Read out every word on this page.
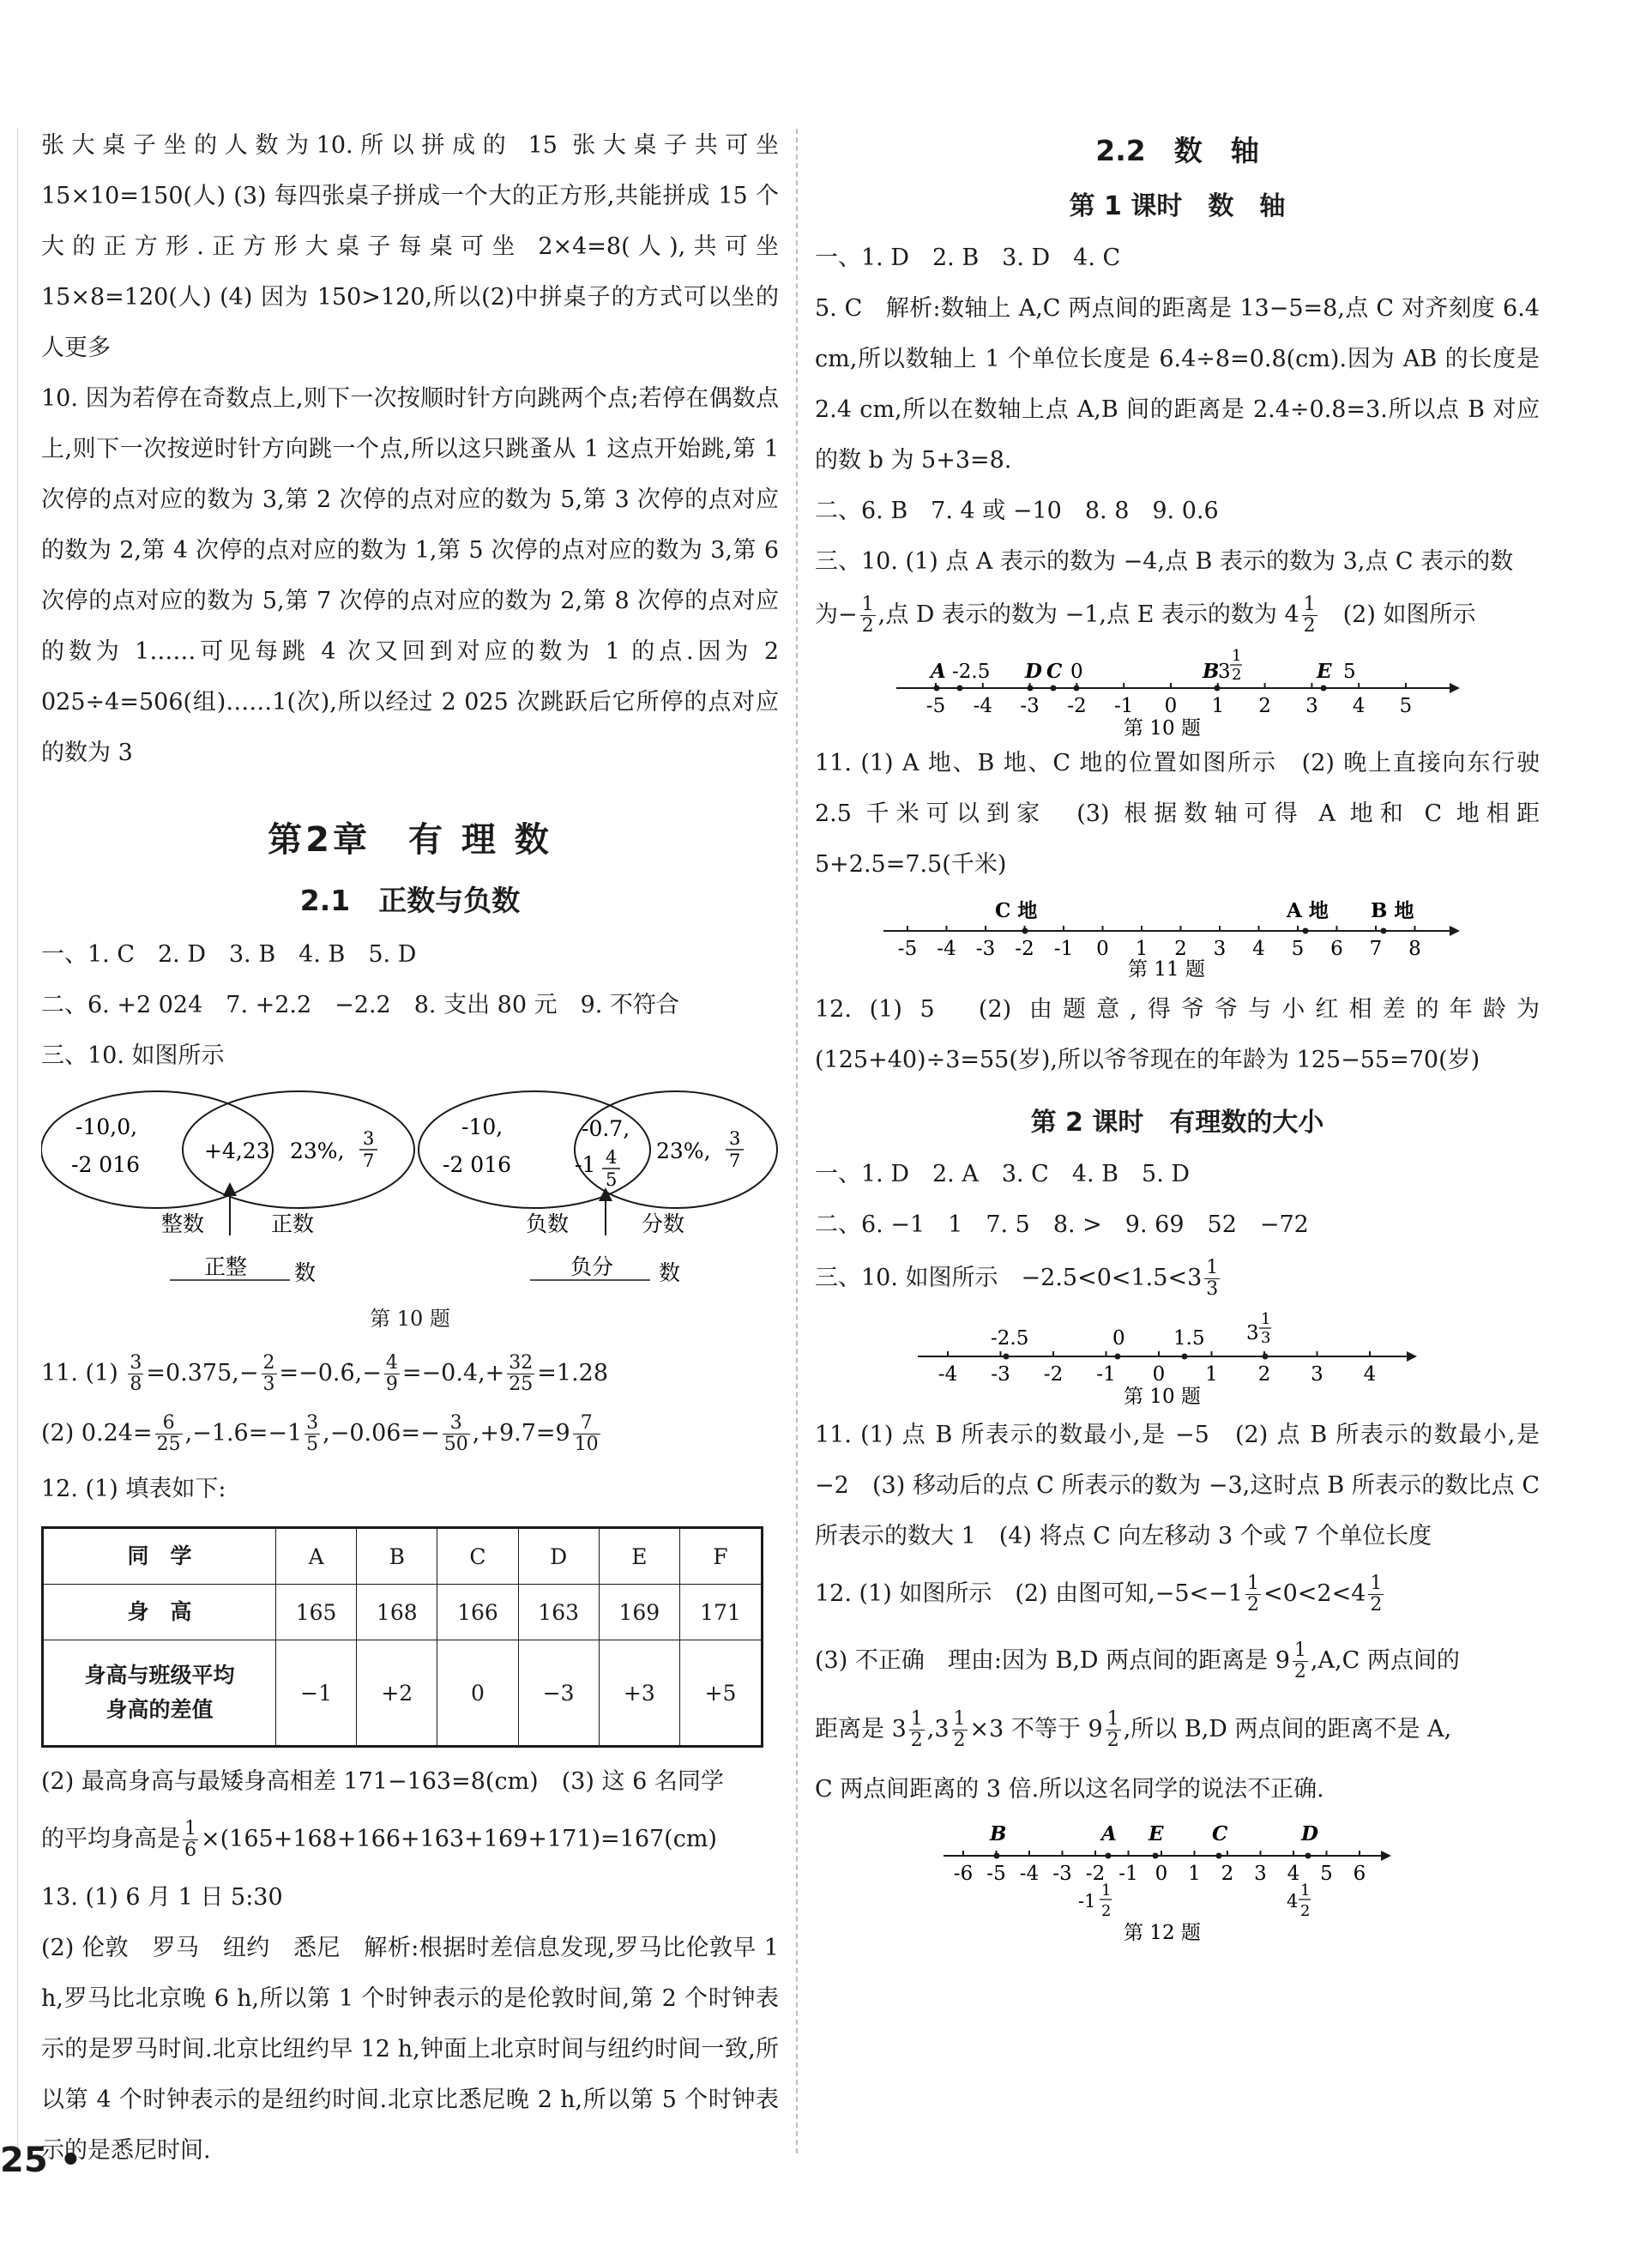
张大桌子坐的人数为10.所以拼成的 15 张大桌子共可坐 15×10=150(人) (3) 每四张桌子拼成一个大的正方形,共能拼成 15 个大的正方形.正方形大桌子每桌可坐 2×4=8(人),共可坐 15×8=120(人) (4) 因为 150>120,所以(2)中拼桌子的方式可以坐的人更多

10. 因为若停在奇数点上,则下一次按顺时针方向跳两个点;若停在偶数点上,则下一次按逆时针方向跳一个点,所以这只跳蚤从 1 这点开始跳,第 1 次停的点对应的数为 3,第 2 次停的点对应的数为 5,第 3 次停的点对应的数为 2,第 4 次停的点对应的数为 1,第 5 次停的点对应的数为 3,第 6 次停的点对应的数为 5,第 7 次停的点对应的数为 2,第 8 次停的点对应的数为 1……可见每跳 4 次又回到对应的数为 1 的点.因为 2 025÷4=506(组)……1(次),所以经过 2 025 次跳跃后它所停的点对应的数为 3

第2章　有 理 数
2.1　正数与负数

一、1. C　2. D　3. B　4. B　5. D

二、6. +2 024　7. +2.2　−2.2　8. 支出 80 元　9. 不符合

三、10. 如图所示

-10,0,
-2 016
+4,23 23%, 3
7
整数	正数
正整 数
-10,
-2 016
-0.7,
-1 4
5
23%, 3
7
负数	分数
负分 数
第 10 题

11. $(1) \frac{3}{8} =0.375,- \frac{2}{3}$ =−0.6̇,− $\frac{4}{9}$ =−0.4̇,+ $\frac{32}{25} =1.28$

(2) $0.24= \frac{6}{25} ,-1.6=-1 \frac{3}{5} ,-0.06=- \frac{3}{50} ,+9.7=9 \frac{7}{10}$

12. (1) 填表如下:

同　学	A	B	C	D	E	F
身　高	165	168	166	163	169	171
身高与班级平均
身高的差值	−1	+2	0	−3	+3	+5

(2) 最高身高与最矮身高相差 171−163=8(cm)　(3) 这 6 名同学

的平均身高是 $\frac{1}{6} \times(165+168+166+163+169+171)=167(cm)$

13. (1) 6 月 1 日 5:30

(2) 伦敦　罗马　纽约　悉尼　解析:根据时差信息发现,罗马比伦敦早 1 h,罗马比北京晚 6 h,所以第 1 个时钟表示的是伦敦时间,第 2 个时钟表示的是罗马时间.北京比纽约早 12 h,钟面上北京时间与纽约时间一致,所以第 4 个时钟表示的是纽约时间.北京比悉尼晚 2 h,所以第 5 个时钟表示的是悉尼时间.

2.2　数　轴
第 1 课时　数　轴

一、1. D　2. B　3. D　4. C

5. C　解析:数轴上 A,C 两点间的距离是 13−5=8,点 C 对齐刻度 6.4 cm,所以数轴上 1 个单位长度是 6.4÷8=0.8(cm).因为 AB 的长度是 2.4 cm,所以在数轴上点 A,B 间的距离是 2.4÷0.8=3.所以点 B 对应的数 b 为 5+3=8.

二、6. B　7. 4 或 −10　8. 8　9. 0.6

三、10. (1) 点 A 表示的数为 −4,点 B 表示的数为 3,点 C 表示的数

为− $\frac{1}{2}$ ,点 D 表示的数为 −1,点 E 表示的数为 $4 \frac{1}{2}$ 　(2) 如图所示

-5 -4 -3 -2 -1 0 1 2 3 4 5
A -2.5 D C 0	B
3
1
2	E 5
第 10 题

11. (1) A 地、B 地、C 地的位置如图所示　(2) 晚上直接向东行驶 2.5 千米可以到家　(3) 根据数轴可得 A 地和 C 地相距 5+2.5=7.5(千米)

-5 -4 -3 -2 -1 0 1 2 3 4 5 6 7 8
C 地	A 地 B 地
第 11 题

12. (1) 5　(2) 由题意,得爷爷与小红相差的年龄为(125+40)÷3=55(岁),所以爷爷现在的年龄为 125−55=70(岁)

第 2 课时　有理数的大小

一、1. D　2. A　3. C　4. B　5. D

二、6. −1　1　7. 5　8. >　9. 69　52　−72

三、10. 如图所示　$-2.5<0<1.5<3 \frac{1}{3}$

-4 -3 -2 -1 0 1 2 3 4
-2.5	0 1.5 3
1
3
第 10 题

11. (1) 点 B 所表示的数最小,是 −5　(2) 点 B 所表示的数最小,是 −2　(3) 移动后的点 C 所表示的数为 −3,这时点 B 所表示的数比点 C 所表示的数大 1　(4) 将点 C 向左移动 3 个或 7 个单位长度

12. (1) 如图所示　(2) 由图可知$,-5<-1 \frac{1}{2} <0<2<4 \frac{1}{2}$

(3) 不正确　理由:因为 B,D 两点间的距离是 $9 \frac{1}{2} ,A,C$ 两点间的

距离是 $3 \frac{1}{2} ,3 \frac{1}{2} \times 3$ 不等于 $9 \frac{1}{2}$ ,所以 B,D 两点间的距离不是 A,

C 两点间距离的 3 倍.所以这名同学的说法不正确.

-6 -5 -4 -3 -2 -1 0 1 2 3 4 5 6
B	A E C	D
-1
1
2	4
1
2
第 12 题
25 •
